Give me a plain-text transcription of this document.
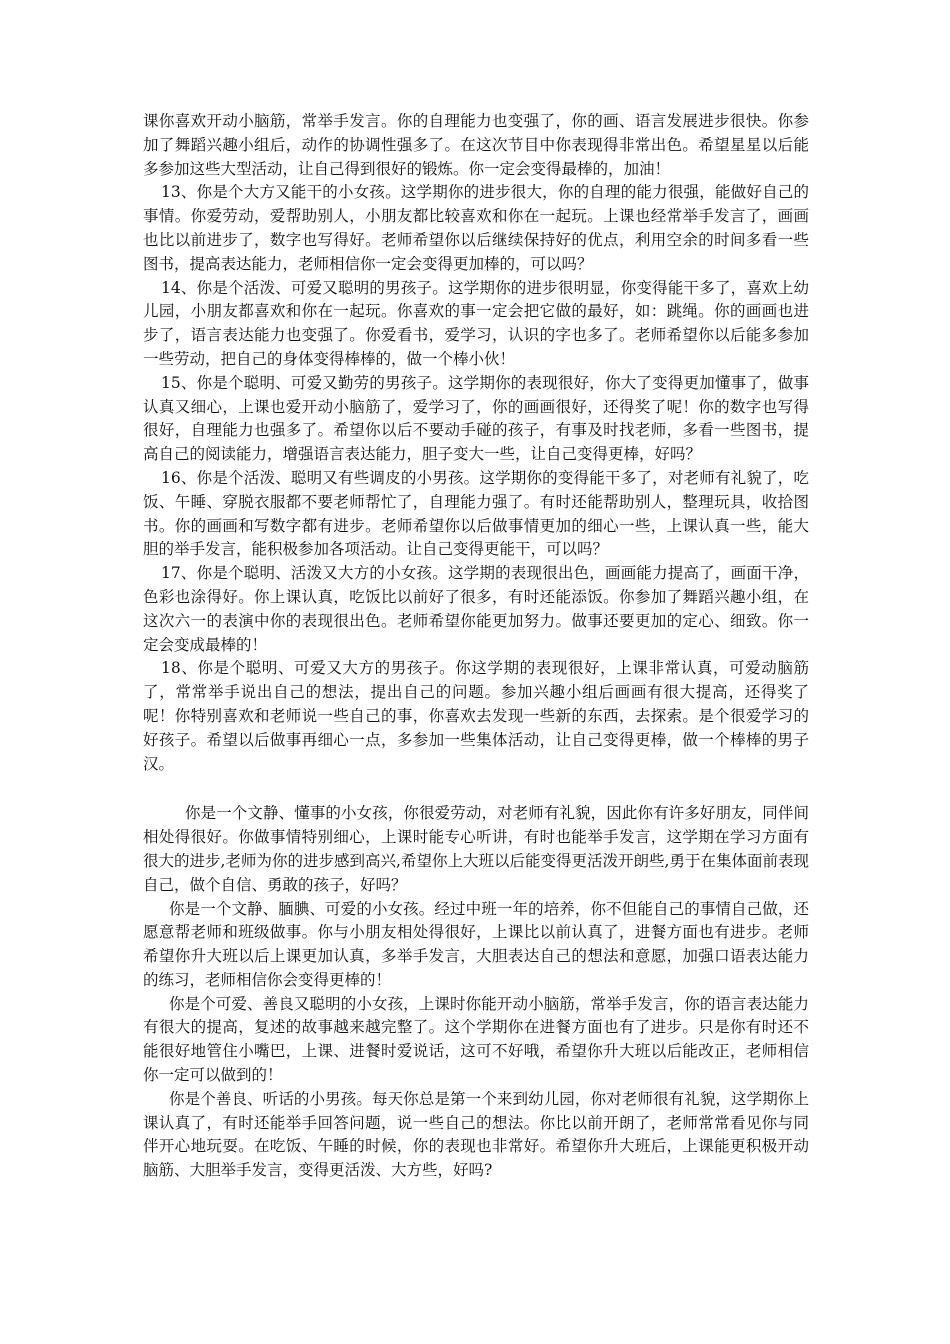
课你喜欢开动小脑筋，常举手发言。你的自理能力也变强了，你的画、语言发展进步很快。你参加了舞蹈兴趣小组后，动作的协调性强多了。在这次节目中你表现得非常出色。希望星星以后能多参加这些大型活动，让自己得到很好的锻炼。你一定会变得最棒的，加油！

13、你是个大方又能干的小女孩。这学期你的进步很大，你的自理的能力很强，能做好自己的事情。你爱劳动，爱帮助别人，小朋友都比较喜欢和你在一起玩。上课也经常举手发言了，画画也比以前进步了，数字也写得好。老师希望你以后继续保持好的优点，利用空余的时间多看一些图书，提高表达能力，老师相信你一定会变得更加棒的，可以吗？

14、你是个活泼、可爱又聪明的男孩子。这学期你的进步很明显，你变得能干多了，喜欢上幼儿园，小朋友都喜欢和你在一起玩。你喜欢的事一定会把它做的最好，如：跳绳。你的画画也进步了，语言表达能力也变强了。你爱看书，爱学习，认识的字也多了。老师希望你以后能多参加一些劳动，把自己的身体变得棒棒的，做一个棒小伙！

15、你是个聪明、可爱又勤劳的男孩子。这学期你的表现很好，你大了变得更加懂事了，做事认真又细心，上课也爱开动小脑筋了，爱学习了，你的画画很好，还得奖了呢！你的数字也写得很好，自理能力也强多了。希望你以后不要动手碰的孩子，有事及时找老师，多看一些图书，提高自己的阅读能力，增强语言表达能力，胆子变大一些，让自己变得更棒，好吗？

16、你是个活泼、聪明又有些调皮的小男孩。这学期你的变得能干多了，对老师有礼貌了，吃饭、午睡、穿脱衣服都不要老师帮忙了，自理能力强了。有时还能帮助别人，整理玩具，收拾图书。你的画画和写数字都有进步。老师希望你以后做事情更加的细心一些，上课认真一些，能大胆的举手发言，能积极参加各项活动。让自己变得更能干，可以吗？

17、你是个聪明、活泼又大方的小女孩。这学期的表现很出色，画画能力提高了，画面干净，色彩也涂得好。你上课认真，吃饭比以前好了很多，有时还能添饭。你参加了舞蹈兴趣小组，在这次六一的表演中你的表现很出色。老师希望你能更加努力。做事还要更加的定心、细致。你一定会变成最棒的！

18、你是个聪明、可爱又大方的男孩子。你这学期的表现很好，上课非常认真，可爱动脑筋了，常常举手说出自己的想法，提出自己的问题。参加兴趣小组后画画有很大提高，还得奖了呢！你特别喜欢和老师说一些自己的事，你喜欢去发现一些新的东西，去探索。是个很爱学习的好孩子。希望以后做事再细心一点，多参加一些集体活动，让自己变得更棒，做一个棒棒的男子汉。

你是一个文静、懂事的小女孩，你很爱劳动，对老师有礼貌，因此你有许多好朋友，同伴间相处得很好。你做事情特别细心，上课时能专心听讲，有时也能举手发言，这学期在学习方面有很大的进步,老师为你的进步感到高兴,希望你上大班以后能变得更活泼开朗些,勇于在集体面前表现自己，做个自信、勇敢的孩子，好吗？

你是一个文静、腼腆、可爱的小女孩。经过中班一年的培养，你不但能自己的事情自己做，还愿意帮老师和班级做事。你与小朋友相处得很好，上课比以前认真了，进餐方面也有进步。老师希望你升大班以后上课更加认真，多举手发言，大胆表达自己的想法和意愿，加强口语表达能力的练习，老师相信你会变得更棒的！

你是个可爱、善良又聪明的小女孩，上课时你能开动小脑筋，常举手发言，你的语言表达能力有很大的提高，复述的故事越来越完整了。这个学期你在进餐方面也有了进步。只是你有时还不能很好地管住小嘴巴，上课、进餐时爱说话，这可不好哦，希望你升大班以后能改正，老师相信你一定可以做到的！

你是个善良、听话的小男孩。每天你总是第一个来到幼儿园，你对老师很有礼貌，这学期你上课认真了，有时还能举手回答问题，说一些自己的想法。你比以前开朗了，老师常常看见你与同伴开心地玩耍。在吃饭、午睡的时候，你的表现也非常好。希望你升大班后，上课能更积极开动脑筋、大胆举手发言，变得更活泼、大方些，好吗?
